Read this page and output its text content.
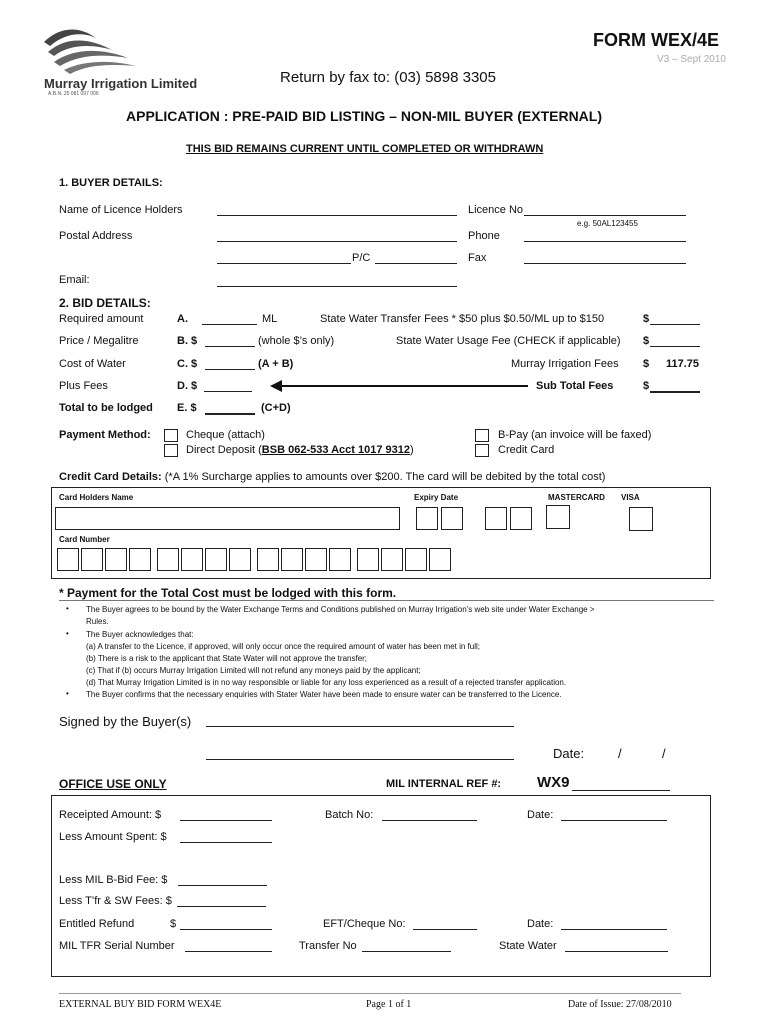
Murray Irrigation Limited
A.B.N. 25 081 097 006
FORM WEX/4E
V3 – Sept 2010
Return by fax to: (03) 5898 3305
APPLICATION : PRE-PAID BID LISTING – NON-MIL BUYER (EXTERNAL)
THIS BID REMAINS CURRENT UNTIL COMPLETED OR WITHDRAWN
1. BUYER DETAILS:
Name of Licence Holders	Licence No
e.g. 50AL123455
Postal Address	Phone
P/C	Fax
Email:
2. BID DETAILS:
Required amount	A.	ML	State Water Transfer Fees * $50 plus $0.50/ML up to $150	$
Price / Megalitre	B. $	(whole $’s only)	State Water Usage Fee (CHECK if applicable) $
Cost of Water	C. $	(A + B)	Murray Irrigation Fees $ 117.75
Plus Fees	D. $	Sub Total Fees	$
Total to be lodged E. $	(C+D)
Payment Method:	Cheque (attach)
Direct Deposit (BSB 062-533 Acct 1017 9312)
B-Pay (an invoice will be faxed)
Credit Card
Credit Card Details: (*A 1% Surcharge applies to amounts over $200. The card will be debited by the total cost)
Card Holders Name	Expiry Date	MASTERCARD VISA
Card Number
* Payment for the Total Cost must be lodged with this form.
• The Buyer agrees to be bound by the Water Exchange Terms and Conditions published on Murray Irrigation’s web site under Water Exchange >
Rules.
• The Buyer acknowledges that:
(a) A transfer to the Licence, if approved, will only occur once the required amount of water has been met in full;
(b) There is a risk to the applicant that State Water will not approve the transfer;
(c) That if (b) occurs Murray Irrigation Limited will not refund any moneys paid by the applicant;
(d) That Murray Irrigation Limited is in no way responsible or liable for any loss experienced as a result of a rejected transfer application.
• The Buyer confirms that the necessary enquiries with Stater Water have been made to ensure water can be transferred to the Licence.
Signed by the Buyer(s)
Date:	/	/
OFFICE USE ONLY	MIL INTERNAL REF #: WX9
Receipted Amount: $	Batch No:	Date:
Less Amount Spent: $
Less MIL B-Bid Fee: $
Less T’fr & SW Fees: $
Entitled Refund	$	EFT/Cheque No:	Date:
MIL TFR Serial Number	Transfer No	State Water
EXTERNAL BUY BID FORM WEX4E	Page 1 of 1	Date of Issue: 27/08/2010
